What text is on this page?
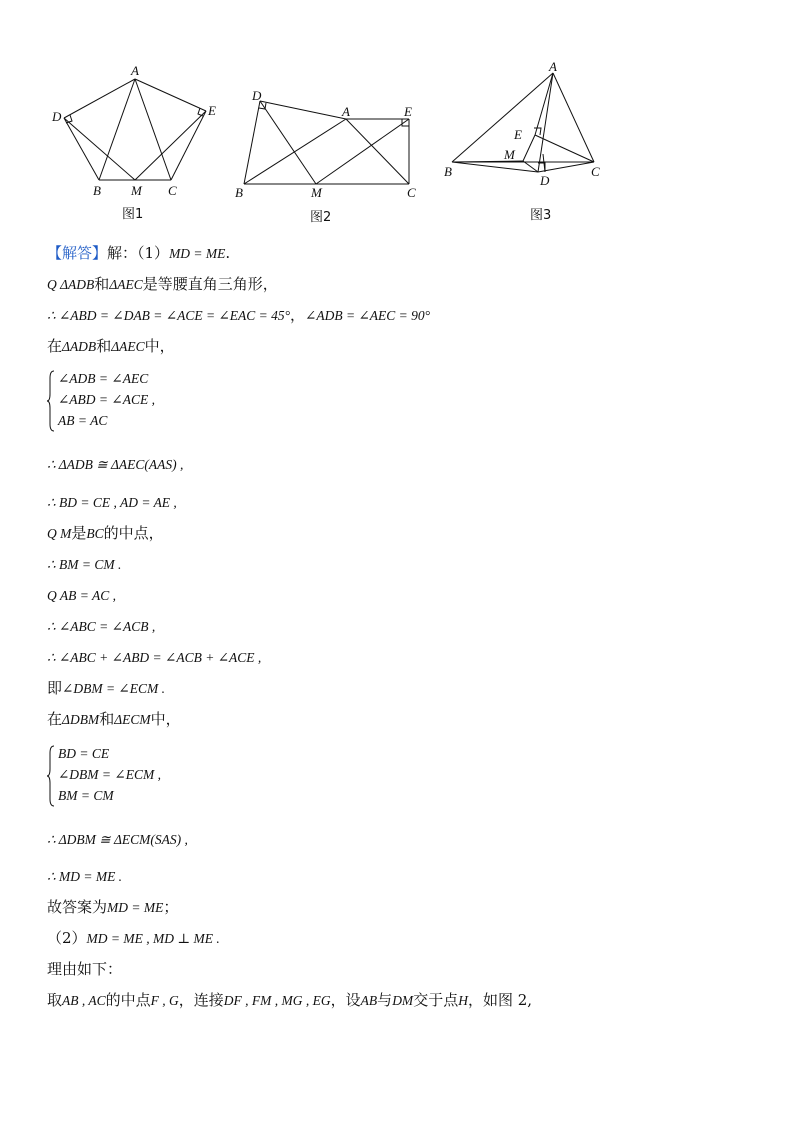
A
D	E
B M C
图1
D
A	E
B	M	C
图2
A
E
M
B
D
C
图3
【解答】解：（1）MD = ME.
Q ΔADB和ΔAEC是等腰直角三角形，
∴ ∠ABD = ∠DAB = ∠ACE = ∠EAC = 45°，∠ADB = ∠AEC = 90°
在ΔADB和ΔAEC中，
∠ADB = ∠AEC
∠ABD = ∠ACE ,
AB = AC
∴ ΔADB ≅ ΔAEC(AAS) ,
∴ BD = CE , AD = AE ,
Q M是BC的中点，
∴ BM = CM .
Q AB = AC ,
∴ ∠ABC = ∠ACB ,
∴ ∠ABC + ∠ABD = ∠ACB + ∠ACE ,
即∠DBM = ∠ECM .
在ΔDBM和ΔECM中，
BD = CE
∠DBM = ∠ECM ,
BM = CM
∴ ΔDBM ≅ ΔECM(SAS) ,
∴ MD = ME .
故答案为MD = ME；
（2）MD = ME , MD ⊥ ME .
理由如下：
取AB , AC的中点F , G，连接DF , FM , MG , EG，设AB与DM交于点H，如图 2,
